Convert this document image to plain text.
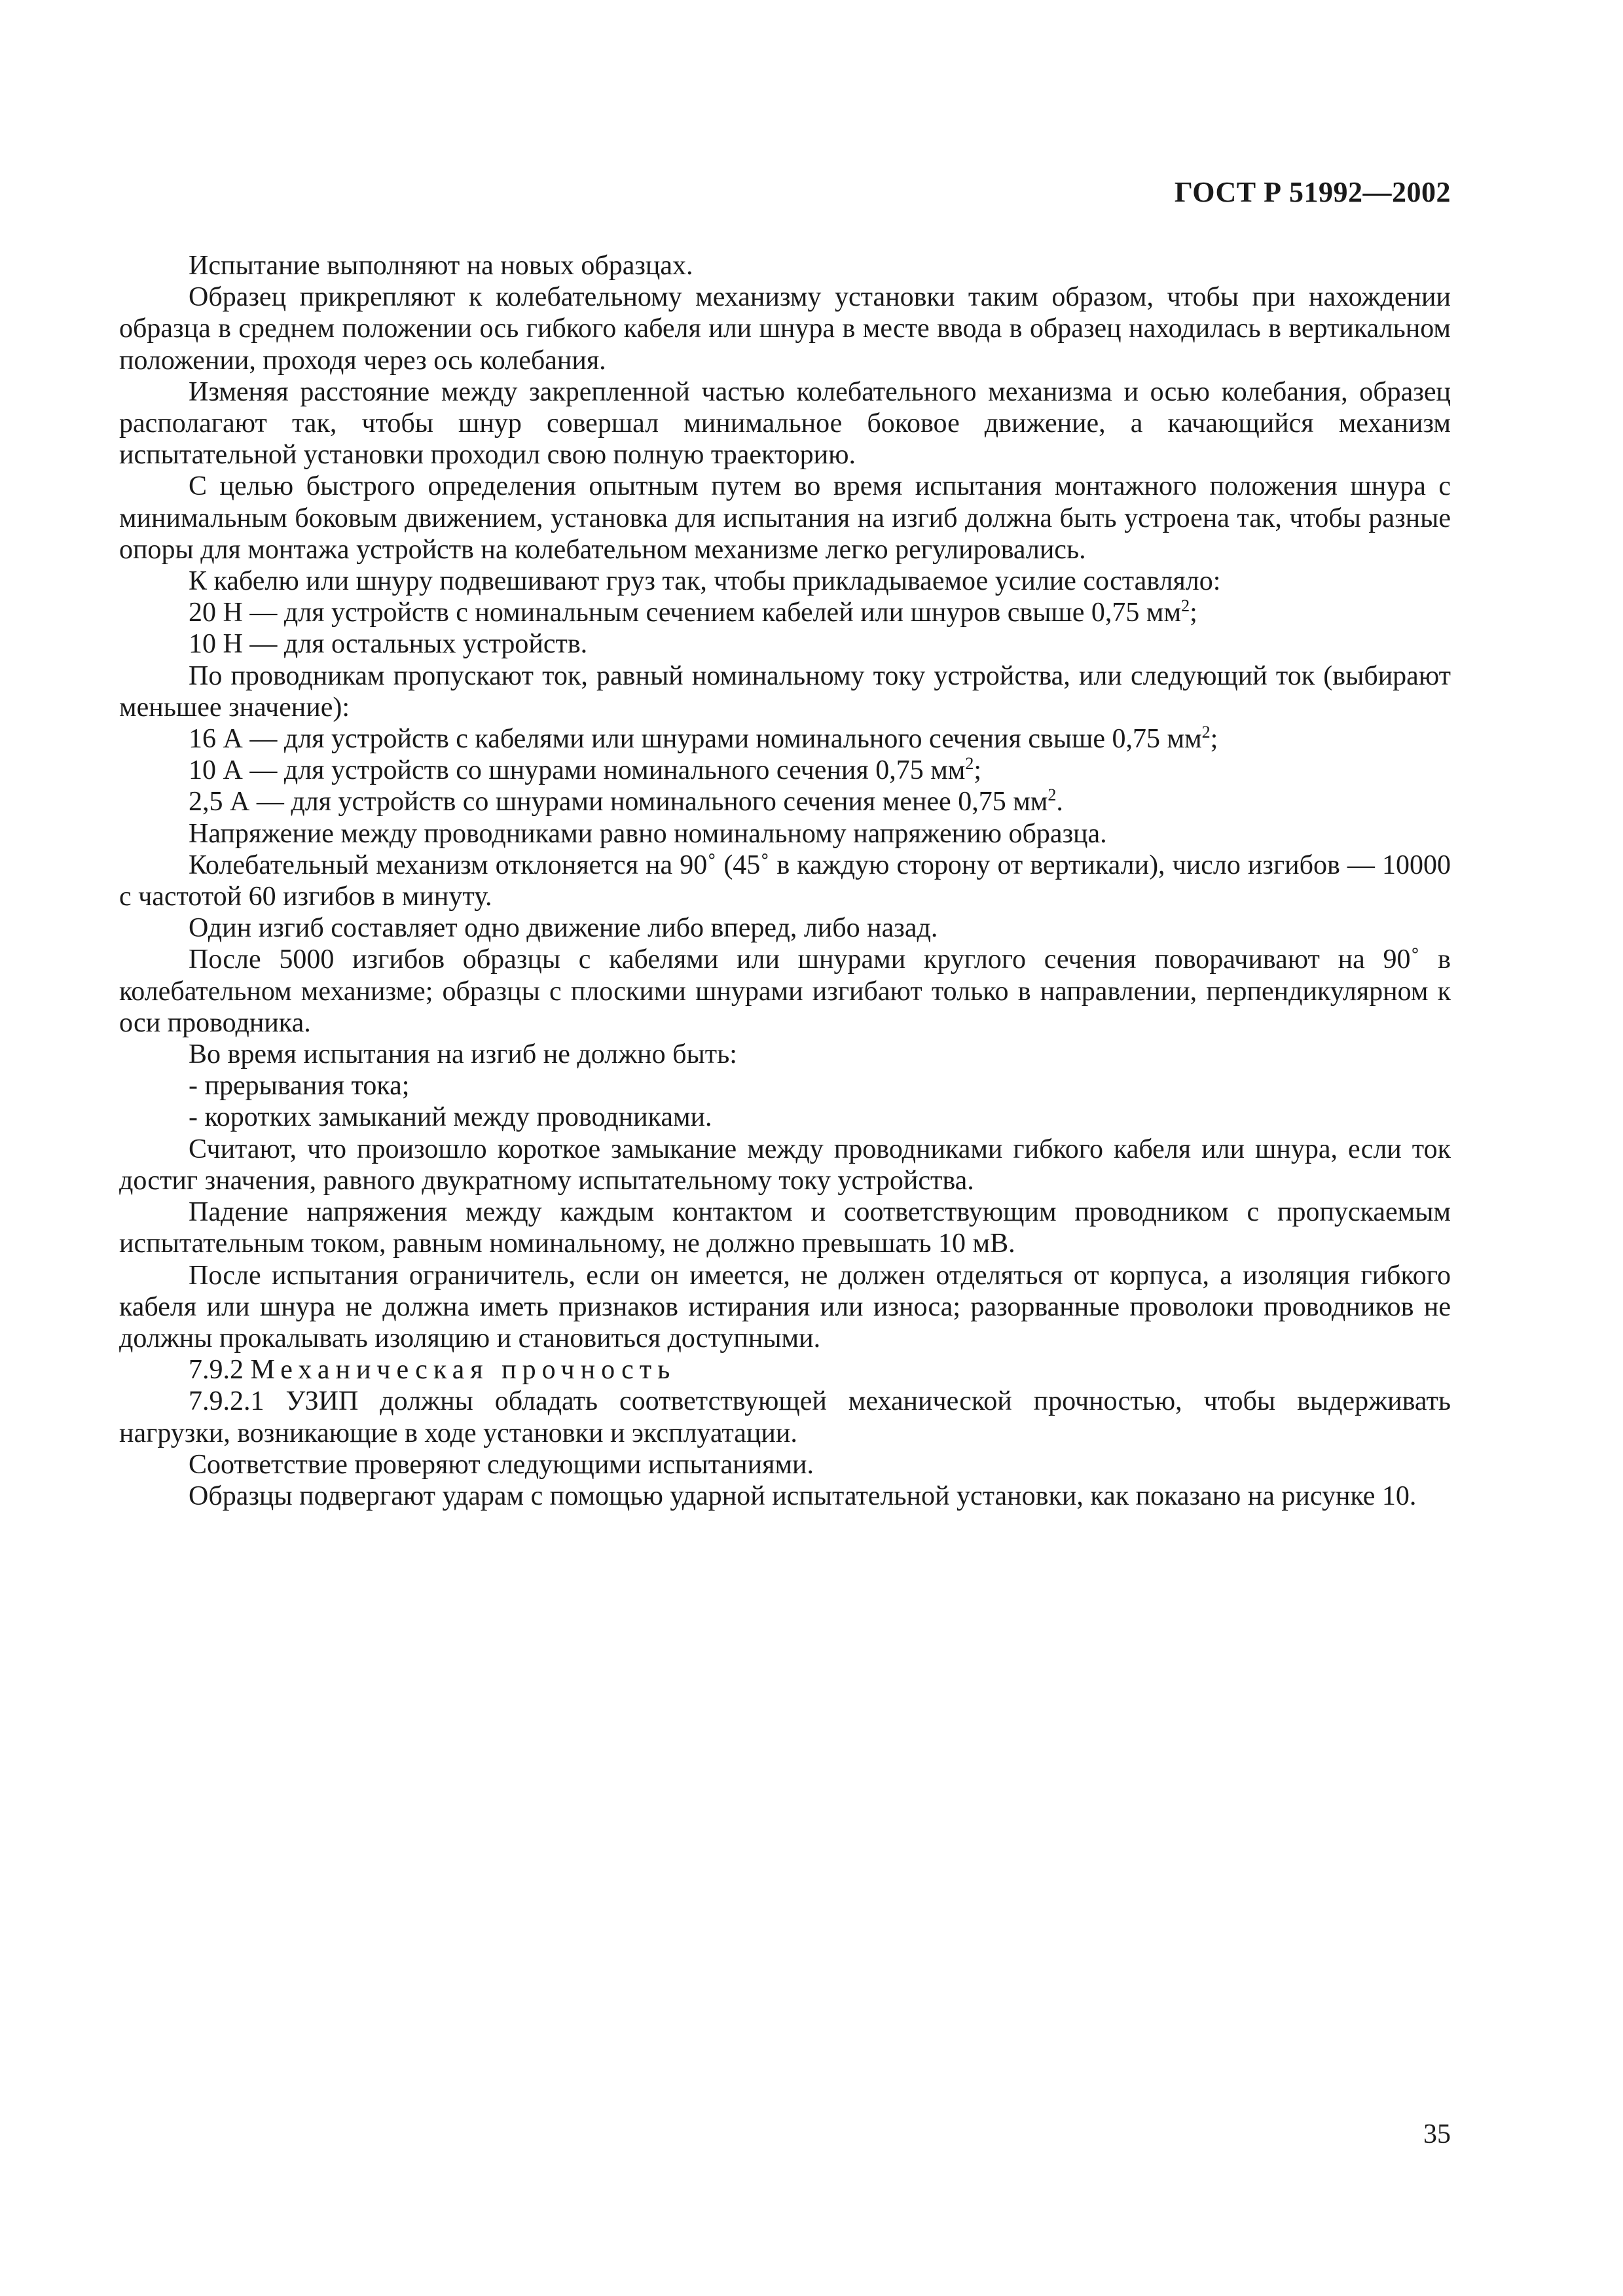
ГОСТ Р 51992—2002

Испытание выполняют на новых образцах.

Образец прикрепляют к колебательному механизму установки таким образом, чтобы при нахождении образца в среднем положении ось гибкого кабеля или шнура в месте ввода в образец находилась в вертикальном положении, проходя через ось колебания.

Изменяя расстояние между закрепленной частью колебательного механизма и осью колебания, образец располагают так, чтобы шнур совершал минимальное боковое движение, а качающийся механизм испытательной установки проходил свою полную траекторию.

С целью быстрого определения опытным путем во время испытания монтажного положения шнура с минимальным боковым движением, установка для испытания на изгиб должна быть устроена так, чтобы разные опоры для монтажа устройств на колебательном механизме легко регулировались.

К кабелю или шнуру подвешивают груз так, чтобы прикладываемое усилие составляло:

20 Н — для устройств с номинальным сечением кабелей или шнуров свыше 0,75 $мм^2$;

10 Н — для остальных устройств.

По проводникам пропускают ток, равный номинальному току устройства, или следующий ток (выбирают меньшее значение):

16 А — для устройств с кабелями или шнурами номинального сечения свыше 0,75 $мм^2$;

10 А — для устройств со шнурами номинального сечения 0,75 $мм^2$;

2,5 А — для устройств со шнурами номинального сечения менее 0,75 $мм^2$.

Напряжение между проводниками равно номинальному напряжению образца.

Колебательный механизм отклоняется на 90˚ (45˚ в каждую сторону от вертикали), число изгибов — 10000 с частотой 60 изгибов в минуту.

Один изгиб составляет одно движение либо вперед, либо назад.

После 5000 изгибов образцы с кабелями или шнурами круглого сечения поворачивают на 90˚ в колебательном механизме; образцы с плоскими шнурами изгибают только в направлении, перпендикулярном к оси проводника.

Во время испытания на изгиб не должно быть:

- прерывания тока;

- коротких замыканий между проводниками.

Считают, что произошло короткое замыкание между проводниками гибкого кабеля или шнура, если ток достиг значения, равного двукратному испытательному току устройства.

Падение напряжения между каждым контактом и соответствующим проводником с пропускаемым испытательным током, равным номинальному, не должно превышать 10 мВ.

После испытания ограничитель, если он имеется, не должен отделяться от корпуса, а изоляция гибкого кабеля или шнура не должна иметь признаков истирания или износа; разорванные проволоки проводников не должны прокалывать изоляцию и становиться доступными.

7.9.2 Механическая прочность

7.9.2.1 УЗИП должны обладать соответствующей механической прочностью, чтобы выдерживать нагрузки, возникающие в ходе установки и эксплуатации.

Соответствие проверяют следующими испытаниями.

Образцы подвергают ударам с помощью ударной испытательной установки, как показано на рисунке 10.

35
